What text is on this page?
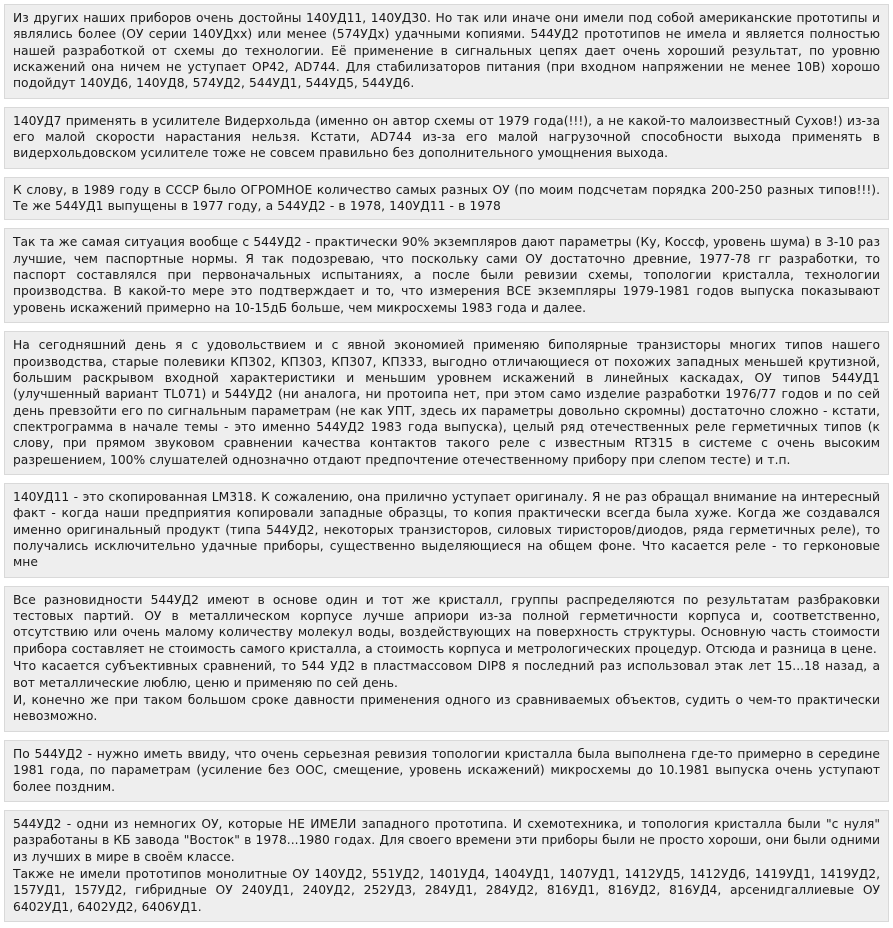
Из других наших приборов очень достойны 140УД11, 140УД30. Но так или иначе они имели под собой американские прототипы и являлись более (ОУ серии 140УДхх) или менее (574УДх) удачными копиями. 544УД2 прототипов не имела и является полностью нашей разработкой от схемы до технологии. Её применение в сигнальных цепях дает очень хороший результат, по уровню искажений она ничем не уступает ОР42, AD744. Для стабилизаторов питания (при входном напряжении не менее 10В) хорошо подойдут 140УД6, 140УД8, 574УД2, 544УД1, 544УД5, 544УД6.

140УД7 применять в усилителе Видерхольда (именно он автор схемы от 1979 года(!!!), а не какой-то малоизвестный Сухов!) из-за его малой скорости нарастания нельзя. Кстати, AD744 из-за его малой нагрузочной способности выхода применять в видерхольдовском усилителе тоже не совсем правильно без дополнительного умощнения выхода.

К слову, в 1989 году в СССР было ОГРОМНОЕ количество самых разных ОУ (по моим подсчетам порядка 200-250 разных типов!!!). Те же 544УД1 выпущены в 1977 году, а 544УД2 - в 1978, 140УД11 - в 1978

Так та же самая ситуация вообще с 544УД2 - практически 90% экземпляров дают параметры (Ку, Коссф, уровень шума) в 3-10 раз лучшие, чем паспортные нормы. Я так подозреваю, что поскольку сами ОУ достаточно древние, 1977-78 гг разработки, то паспорт составлялся при первоначальных испытаниях, а после были ревизии схемы, топологии кристалла, технологии производства. В какой-то мере это подтверждает и то, что измерения ВСЕ экземпляры 1979-1981 годов выпуска показывают уровень искажений примерно на 10-15дБ больше, чем микросхемы 1983 года и далее.

На сегодняшний день я с удовольствием и с явной экономией применяю биполярные транзисторы многих типов нашего производства, старые полевики КП302, КП303, КП307, КП333, выгодно отличающиеся от похожих западных меньшей крутизной, большим раскрывом входной характеристики и меньшим уровнем искажений в линейных каскадах, ОУ типов 544УД1 (улучшенный вариант TL071) и 544УД2 (ни аналога, ни протоипа нет, при этом само изделие разработки 1976/77 годов и по сей день превзойти его по сигнальным параметрам (не как УПТ, здесь их параметры довольно скромны) достаточно сложно - кстати, спектрограмма в начале темы - это именно 544УД2 1983 года выпуска), целый ряд отечественных реле герметичных типов (к слову, при прямом звуковом сравнении качества контактов такого реле с известным RT315 в системе с очень высоким разрешением, 100% слушателей однозначно отдают предпочтение отечественному прибору при слепом тесте) и т.п.

140УД11 - это скопированная LM318. К сожалению, она прилично уступает оригиналу. Я не раз обращал внимание на интересный факт - когда наши предприятия копировали западные образцы, то копия практически всегда была хуже. Когда же создавался именно оригинальный продукт (типа 544УД2, некоторых транзисторов, силовых тиристоров/диодов, ряда герметичных реле), то получались исключительно удачные приборы, существенно выделяющиеся на общем фоне. Что касается реле - то герконовые мне

Все разновидности 544УД2 имеют в основе один и тот же кристалл, группы распределяются по результатам разбраковки тестовых партий. ОУ в металлическом корпусе лучше априори из-за полной герметичности корпуса и, соответственно, отсутствию или очень малому количеству молекул воды, воздействующих на поверхность структуры. Основную часть стоимости прибора составляет не стоимость самого кристалла, а стоимость корпуса и метрологических процедур. Отсюда и разница в цене.

Что касается субъективных сравнений, то 544 УД2 в пластмассовом DIP8 я последний раз использовал этак лет 15...18 назад, а вот металлические люблю, ценю и применяю по сей день.

И, конечно же при таком большом сроке давности применения одного из сравниваемых объектов, судить о чем-то практически невозможно.

По 544УД2 - нужно иметь ввиду, что очень серьезная ревизия топологии кристалла была выполнена где-то примерно в середине 1981 года, по параметрам (усиление без ООС, смещение, уровень искажений) микросхемы до 10.1981 выпуска очень уступают более поздним.

544УД2 - одни из немногих ОУ, которые НЕ ИМЕЛИ западного прототипа. И схемотехника, и топология кристалла были "с нуля" разработаны в КБ завода "Восток" в 1978...1980 годах. Для своего времени эти приборы были не просто хороши, они были одними из лучших в мире в своём классе.

Также не имели прототипов монолитные ОУ 140УД2, 551УД2, 1401УД4, 1404УД1, 1407УД1, 1412УД5, 1412УД6, 1419УД1, 1419УД2, 157УД1, 157УД2, гибридные ОУ 240УД1, 240УД2, 252УД3, 284УД1, 284УД2, 816УД1, 816УД2, 816УД4, арсенидгаллиевые ОУ 6402УД1, 6402УД2, 6406УД1.
